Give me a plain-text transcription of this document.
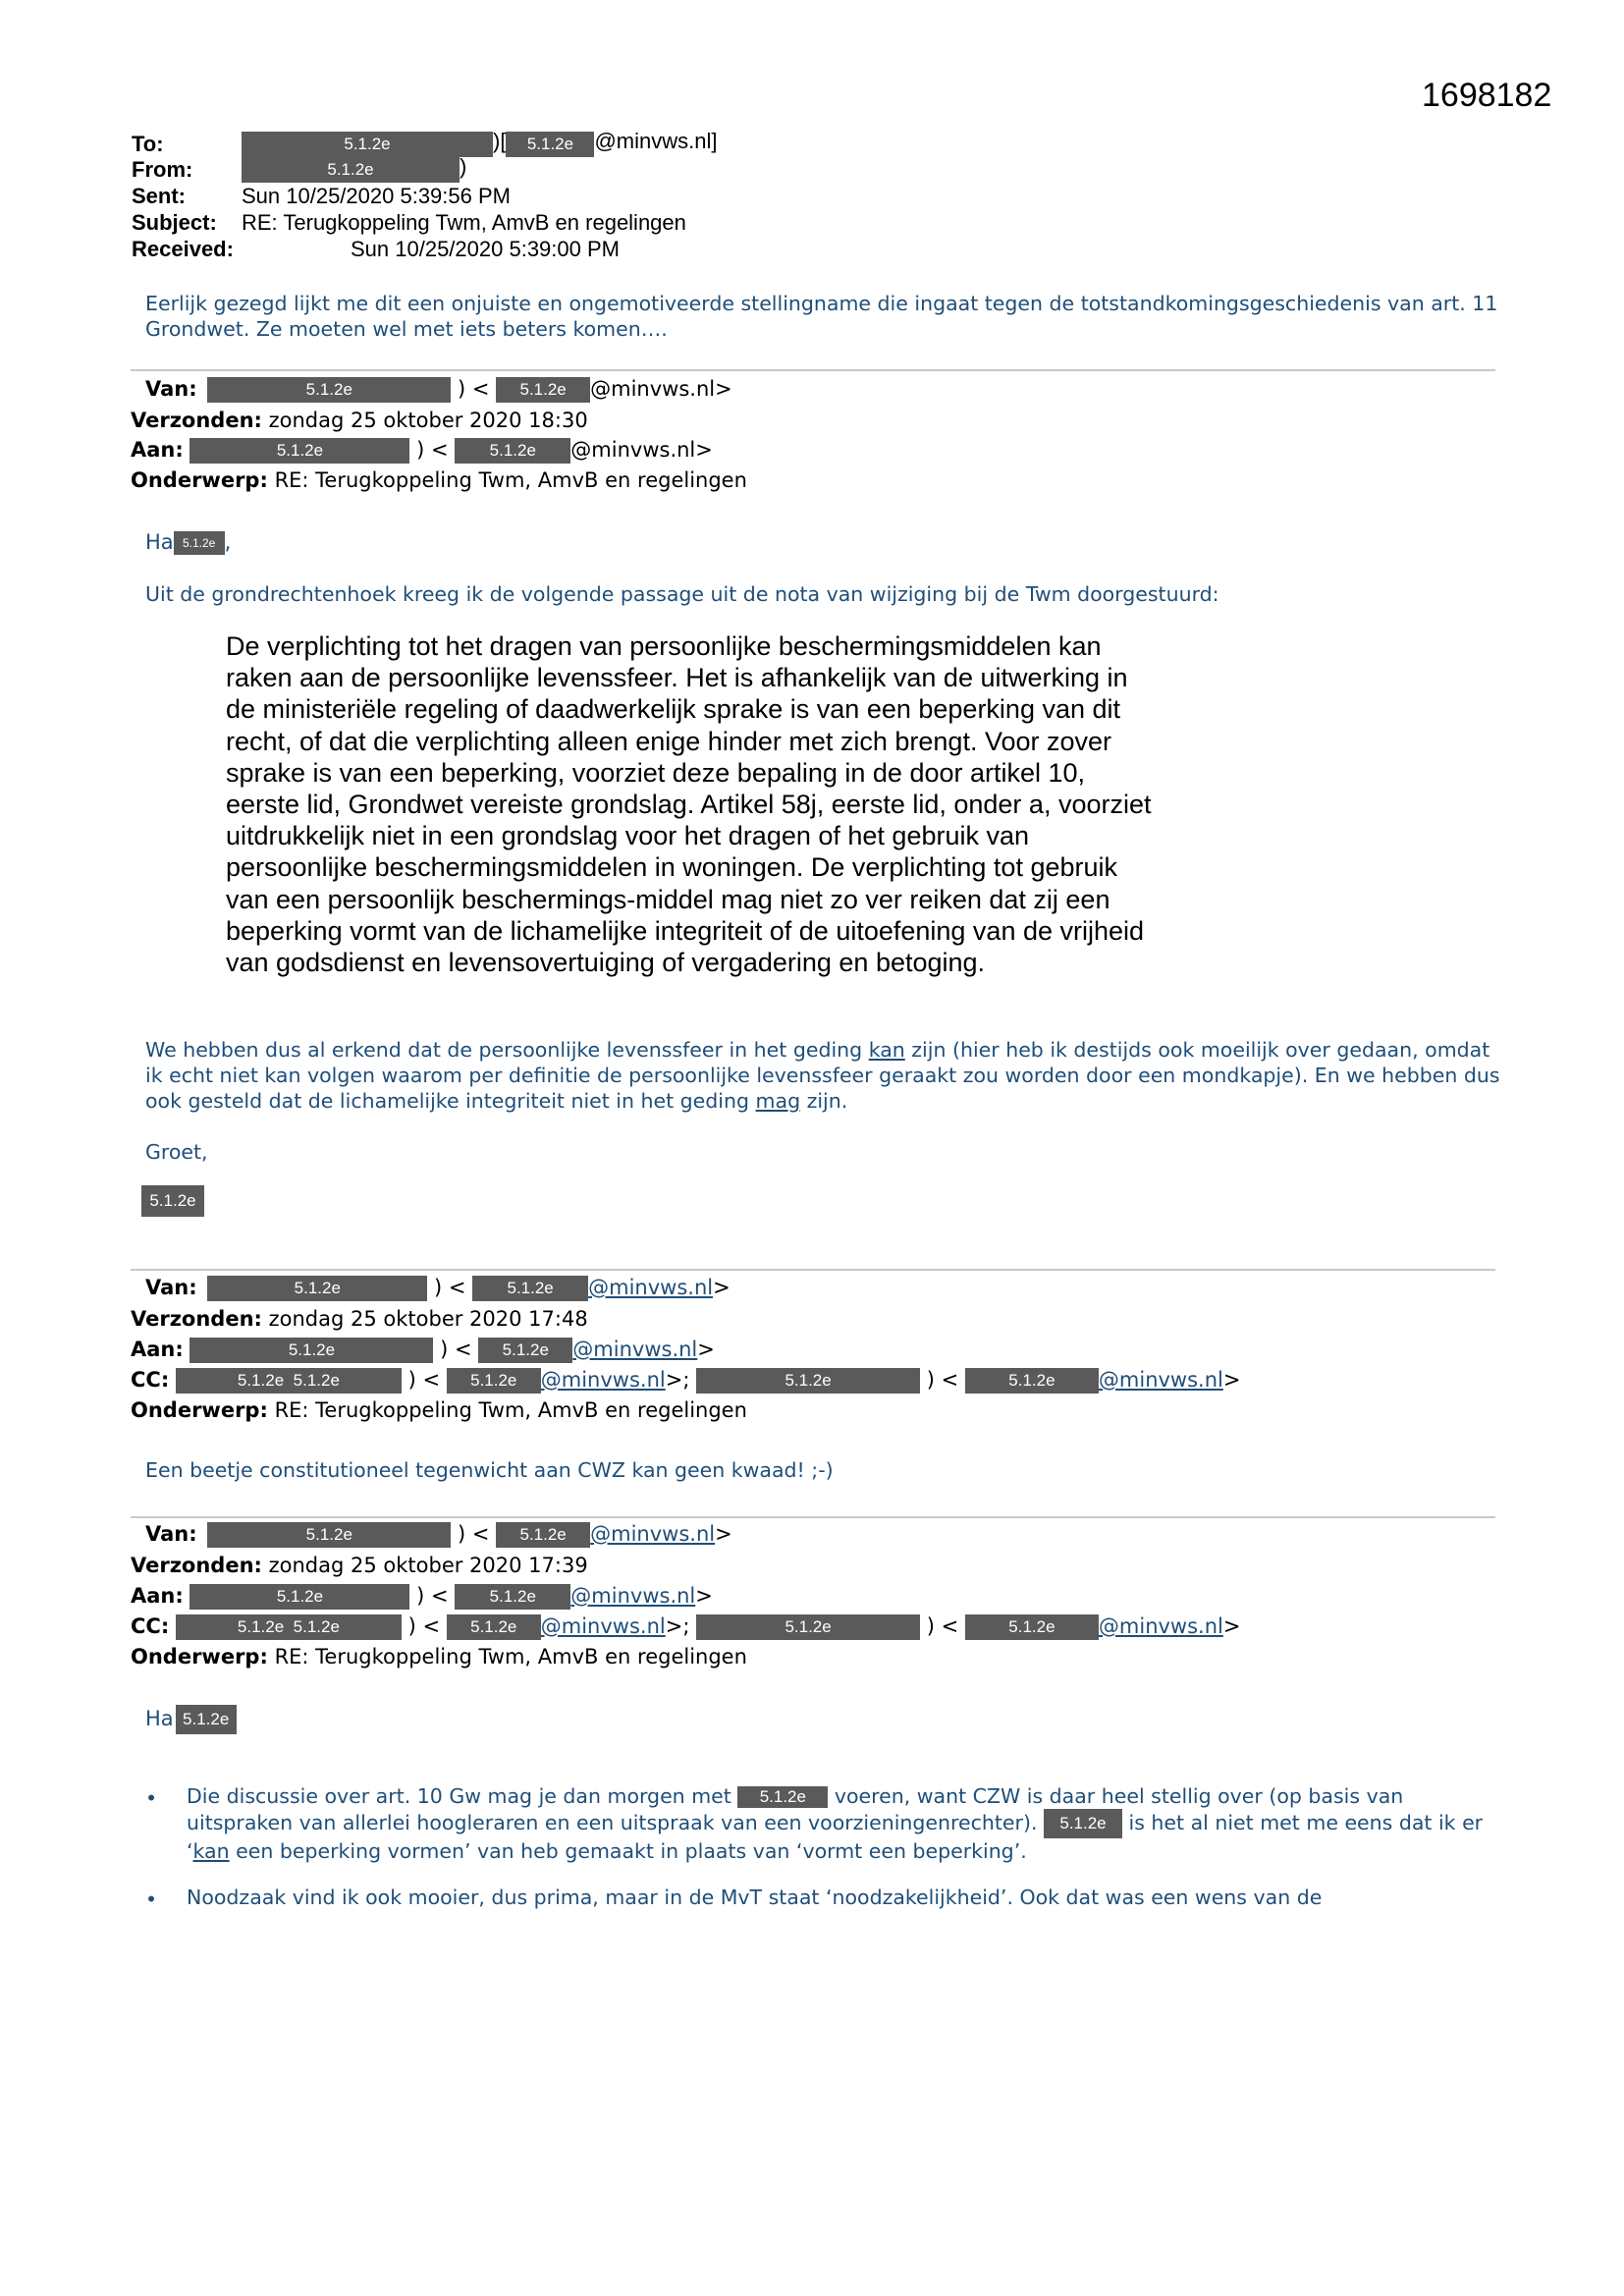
1698182
To:	5.1.2e	)[ 5.1.2e @minvws.nl]
From:	5.1.2e	)
Sent:	Sun 10/25/2020 5:39:56 PM
Subject: RE: Terugkoppeling Twm, AmvB en regelingen
Received:	Sun 10/25/2020 5:39:00 PM
Eerlijk gezegd lijkt me dit een onjuiste en ongemotiveerde stellingname die ingaat tegen de totstandkomingsgeschiedenis van art. 11 Grondwet. Ze moeten wel met iets beters komen….
Van:	5.1.2e	) < 5.1.2e @minvws.nl>
Verzonden: zondag 25 oktober 2020 18:30
Aan:	5.1.2e	) < 5.1.2e @minvws.nl>
Onderwerp: RE: Terugkoppeling Twm, AmvB en regelingen
Ha 5.1.2e ,
Uit de grondrechtenhoek kreeg ik de volgende passage uit de nota van wijziging bij de Twm doorgestuurd:
De verplichting tot het dragen van persoonlijke beschermingsmiddelen kan raken aan de persoonlijke levenssfeer. Het is afhankelijk van de uitwerking in de ministeriële regeling of daadwerkelijk sprake is van een beperking van dit recht, of dat die verplichting alleen enige hinder met zich brengt. Voor zover sprake is van een beperking, voorziet deze bepaling in de door artikel 10, eerste lid, Grondwet vereiste grondslag. Artikel 58j, eerste lid, onder a, voorziet uitdrukkelijk niet in een grondslag voor het dragen of het gebruik van persoonlijke beschermingsmiddelen in woningen. De verplichting tot gebruik van een persoonlijk beschermings-middel mag niet zo ver reiken dat zij een beperking vormt van de lichamelijke integriteit of de uitoefening van de vrijheid van godsdienst en levensovertuiging of vergadering en betoging.
We hebben dus al erkend dat de persoonlijke levenssfeer in het geding kan zijn (hier heb ik destijds ook moeilijk over gedaan, omdat ik echt niet kan volgen waarom per definitie de persoonlijke levenssfeer geraakt zou worden door een mondkapje). En we hebben dus ook gesteld dat de lichamelijke integriteit niet in het geding mag zijn.
Groet,
5.1.2e
Van:	5.1.2e	) < 5.1.2e @minvws.nl>
Verzonden: zondag 25 oktober 2020 17:48
Aan:	5.1.2e	) < 5.1.2e @minvws.nl>
CC:	5.1.2e 5.1.2e	) < 5.1.2e @minvws.nl>;	5.1.2e	) <	5.1.2e @minvws.nl>
Onderwerp: RE: Terugkoppeling Twm, AmvB en regelingen
Een beetje constitutioneel tegenwicht aan CWZ kan geen kwaad! ;-)
Van:	5.1.2e	) < 5.1.2e @minvws.nl>
Verzonden: zondag 25 oktober 2020 17:39
Aan:	5.1.2e	) < 5.1.2e @minvws.nl>
CC:	5.1.2e 5.1.2e	) < 5.1.2e @minvws.nl>;	5.1.2e	) <	5.1.2e @minvws.nl>
Onderwerp: RE: Terugkoppeling Twm, AmvB en regelingen
Ha 5.1.2e
• Die discussie over art. 10 Gw mag je dan morgen met 5.1.2e voeren, want CZW is daar heel stellig over (op basis van uitspraken van allerlei hoogleraren en een uitspraak van een voorzieningenrechter). 5.1.2e is het al niet met me eens dat ik er ‘kan een beperking vormen’ van heb gemaakt in plaats van ‘vormt een beperking’.
• Noodzaak vind ik ook mooier, dus prima, maar in de MvT staat ‘noodzakelijkheid’. Ook dat was een wens van de
